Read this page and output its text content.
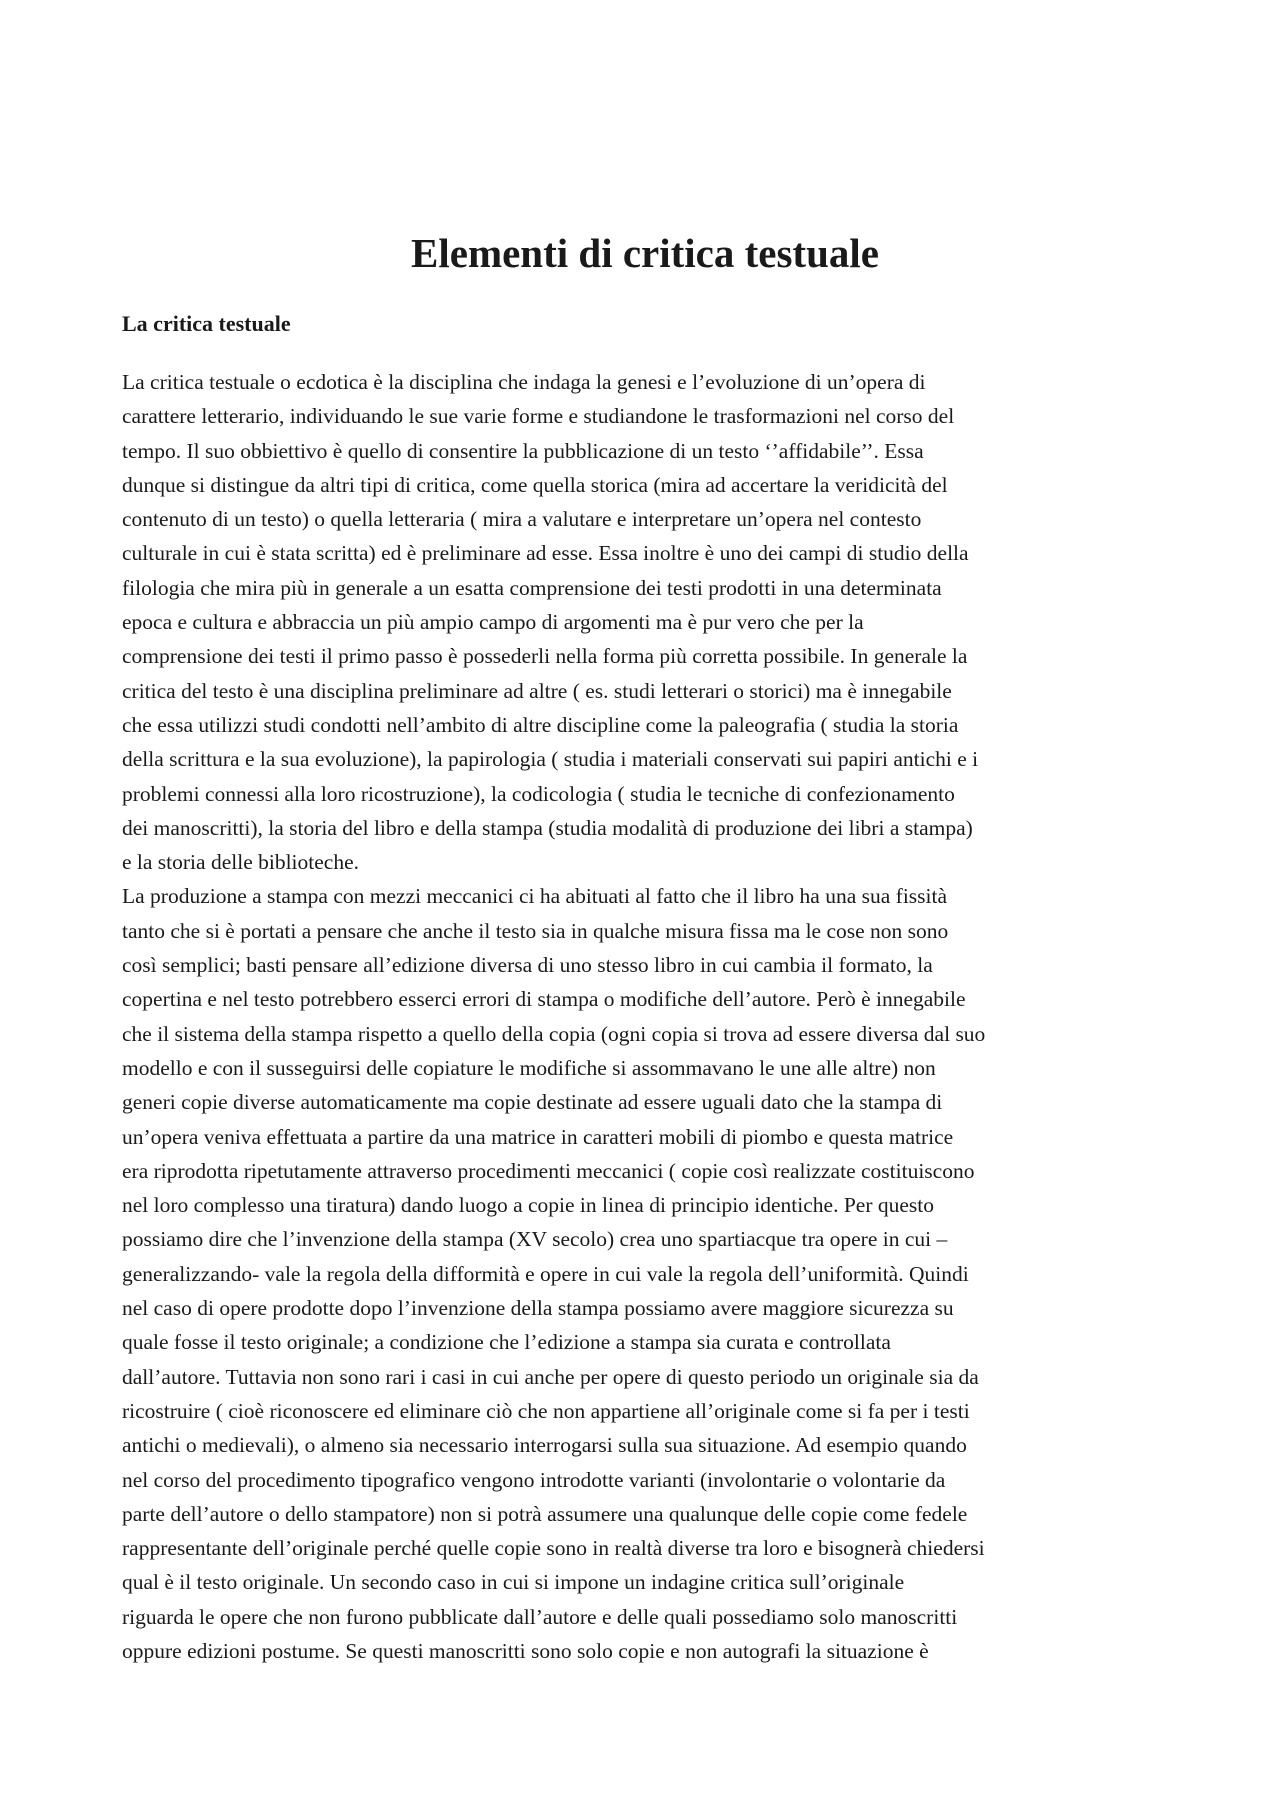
Elementi di critica testuale
La critica testuale
La critica testuale o ecdotica è la disciplina che indaga la genesi e l’evoluzione di un’opera di
carattere letterario, individuando le sue varie forme e studiandone le trasformazioni nel corso del
tempo. Il suo obbiettivo è quello di consentire la pubblicazione di un testo ‘’affidabile’’. Essa
dunque si distingue da altri tipi di critica, come quella storica (mira ad accertare la veridicità del
contenuto di un testo) o quella letteraria ( mira a valutare e interpretare un’opera nel contesto
culturale in cui è stata scritta) ed è preliminare ad esse. Essa inoltre è uno dei campi di studio della
filologia che mira più in generale a un esatta comprensione dei testi prodotti in una determinata
epoca e cultura e abbraccia un più ampio campo di argomenti ma è pur vero che per la
comprensione dei testi il primo passo è possederli nella forma più corretta possibile. In generale la
critica del testo è una disciplina preliminare ad altre ( es. studi letterari o storici) ma è innegabile
che essa utilizzi studi condotti nell’ambito di altre discipline come la paleografia ( studia la storia
della scrittura e la sua evoluzione), la papirologia ( studia i materiali conservati sui papiri antichi e i
problemi connessi alla loro ricostruzione), la codicologia ( studia le tecniche di confezionamento
dei manoscritti), la storia del libro e della stampa (studia modalità di produzione dei libri a stampa)
e la storia delle biblioteche.
La produzione a stampa con mezzi meccanici ci ha abituati al fatto che il libro ha una sua fissità
tanto che si è portati a pensare che anche il testo sia in qualche misura fissa ma le cose non sono
così semplici; basti pensare all’edizione diversa di uno stesso libro in cui cambia il formato, la
copertina e nel testo potrebbero esserci errori di stampa o modifiche dell’autore. Però è innegabile
che il sistema della stampa rispetto a quello della copia (ogni copia si trova ad essere diversa dal suo
modello e con il susseguirsi delle copiature le modifiche si assommavano le une alle altre) non
generi copie diverse automaticamente ma copie destinate ad essere uguali dato che la stampa di
un’opera veniva effettuata a partire da una matrice in caratteri mobili di piombo e questa matrice
era riprodotta ripetutamente attraverso procedimenti meccanici ( copie così realizzate costituiscono
nel loro complesso una tiratura) dando luogo a copie in linea di principio identiche. Per questo
possiamo dire che l’invenzione della stampa (XV secolo) crea uno spartiacque tra opere in cui –
generalizzando- vale la regola della difformità e opere in cui vale la regola dell’uniformità. Quindi
nel caso di opere prodotte dopo l’invenzione della stampa possiamo avere maggiore sicurezza su
quale fosse il testo originale; a condizione che l’edizione a stampa sia curata e controllata
dall’autore. Tuttavia non sono rari i casi in cui anche per opere di questo periodo un originale sia da
ricostruire ( cioè riconoscere ed eliminare ciò che non appartiene all’originale come si fa per i testi
antichi o medievali), o almeno sia necessario interrogarsi sulla sua situazione. Ad esempio quando
nel corso del procedimento tipografico vengono introdotte varianti (involontarie o volontarie da
parte dell’autore o dello stampatore) non si potrà assumere una qualunque delle copie come fedele
rappresentante dell’originale perché quelle copie sono in realtà diverse tra loro e bisognerà chiedersi
qual è il testo originale. Un secondo caso in cui si impone un indagine critica sull’originale
riguarda le opere che non furono pubblicate dall’autore e delle quali possediamo solo manoscritti
oppure edizioni postume. Se questi manoscritti sono solo copie e non autografi la situazione è
